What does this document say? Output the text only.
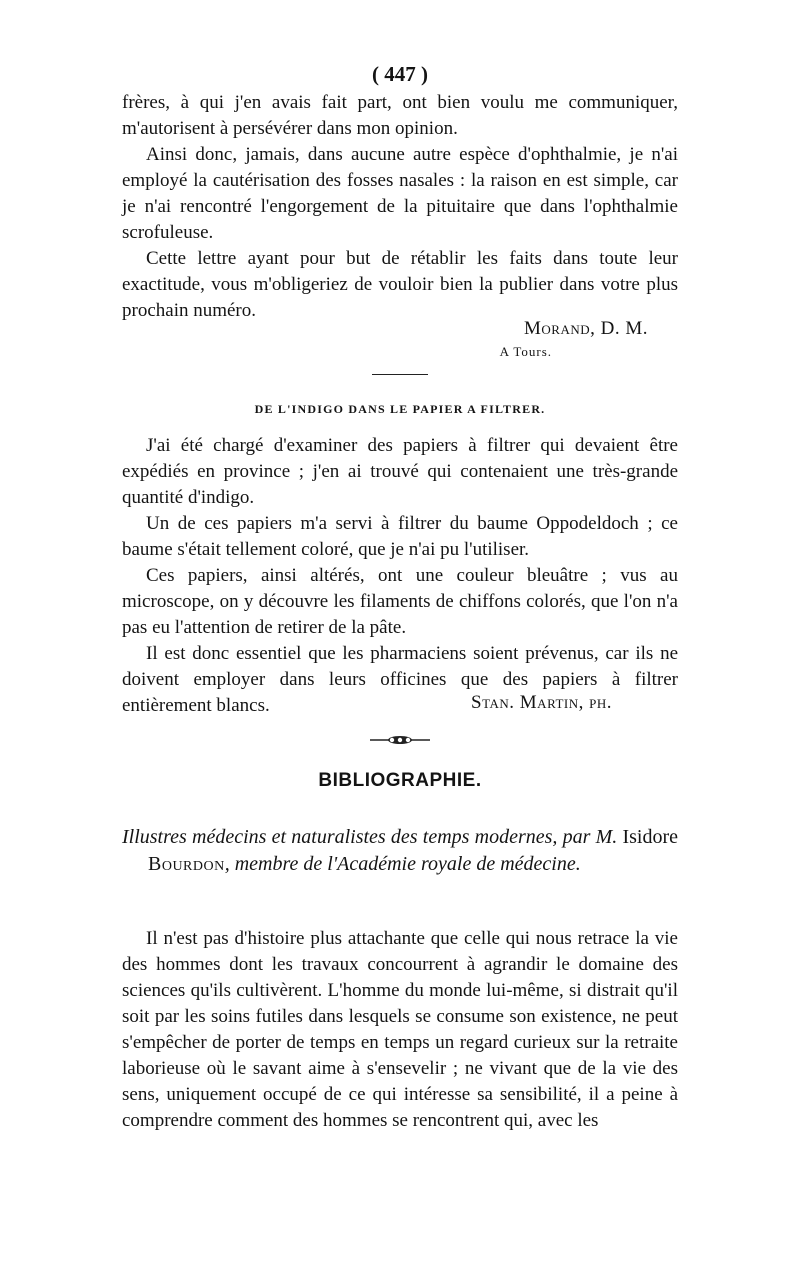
( 447 )

frères, à qui j'en avais fait part, ont bien voulu me communiquer, m'autorisent à persévérer dans mon opinion.

Ainsi donc, jamais, dans aucune autre espèce d'ophthalmie, je n'ai employé la cautérisation des fosses nasales : la raison en est simple, car je n'ai rencontré l'engorgement de la pituitaire que dans l'ophthalmie scrofuleuse.

Cette lettre ayant pour but de rétablir les faits dans toute leur exactitude, vous m'obligeriez de vouloir bien la publier dans votre plus prochain numéro.

Morand, D. M.
A Tours.
DE L'INDIGO DANS LE PAPIER A FILTRER.

J'ai été chargé d'examiner des papiers à filtrer qui devaient être expédiés en province ; j'en ai trouvé qui contenaient une très-grande quantité d'indigo.

Un de ces papiers m'a servi à filtrer du baume Oppodeldoch ; ce baume s'était tellement coloré, que je n'ai pu l'utiliser.

Ces papiers, ainsi altérés, ont une couleur bleuâtre ; vus au microscope, on y découvre les filaments de chiffons colorés, que l'on n'a pas eu l'attention de retirer de la pâte.

Il est donc essentiel que les pharmaciens soient prévenus, car ils ne doivent employer dans leurs officines que des papiers à filtrer entièrement blancs.	Stan. Martin, ph.
BIBLIOGRAPHIE.

Illustres médecins et naturalistes des temps modernes, par M. Isidore Bourdon, membre de l'Académie royale de médecine.

Il n'est pas d'histoire plus attachante que celle qui nous retrace la vie des hommes dont les travaux concourrent à agrandir le domaine des sciences qu'ils cultivèrent. L'homme du monde lui-même, si distrait qu'il soit par les soins futiles dans lesquels se consume son existence, ne peut s'empêcher de porter de temps en temps un regard curieux sur la retraite laborieuse où le savant aime à s'ensevelir ; ne vivant que de la vie des sens, uniquement occupé de ce qui intéresse sa sensibilité, il a peine à comprendre comment des hommes se rencontrent qui, avec les
